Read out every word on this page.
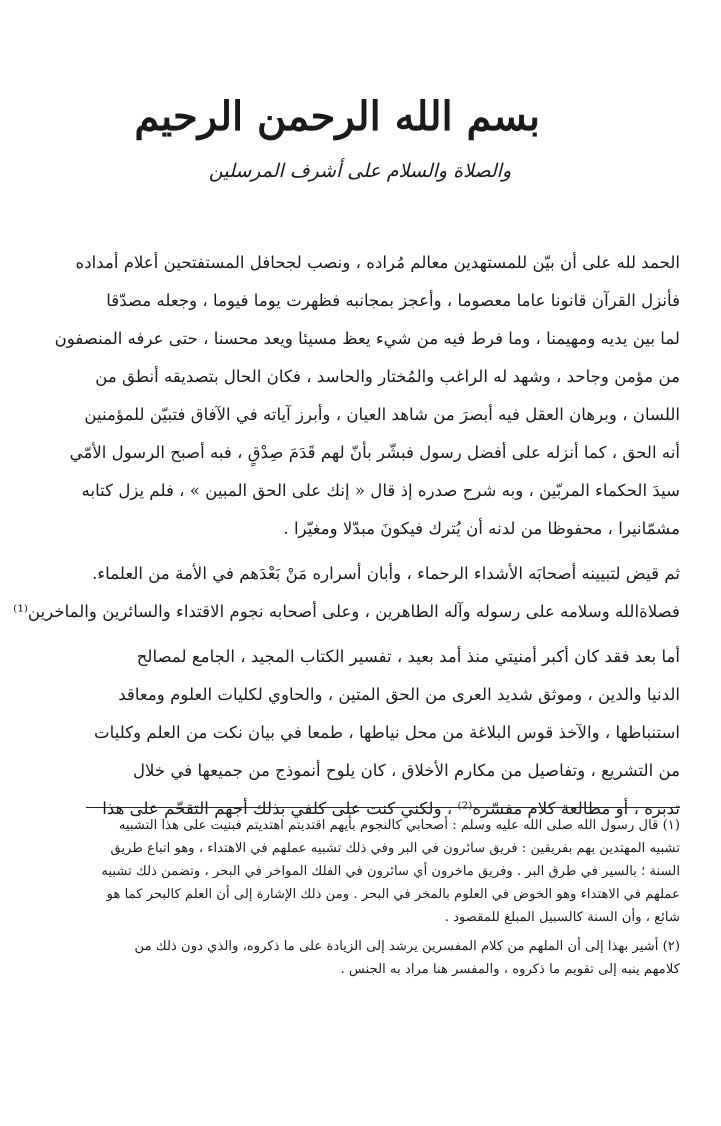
بسم الله الرحمن الرحيم
والصلاة والسلام على أشرف المرسلين
الحمد لله على أن بيّن للمستهدين معالم مُراده ، ونصب لجحافل المستفتحين أعلام أمداده
فأنزل القرآن قانونا عاما معصوما ، وأعجز بمجانبه فظهرت يوما فيوما ، وجعله مصدّقا
لما بين يديه ومهيمنا ، وما فرط فيه من شيء يعظ مسيئا ويعد محسنا ، حتى عرفه المنصفون
من مؤمن وجاحد ، وشهد له الراغب والمُختار والحاسد ، فكان الحال بتصديقه أنطق من
اللسان ، وبرهان العقل فيه أبصرَ من شاهد العيان ، وأبرز آياته في الآفاق فتبيّن للمؤمنين
أنه الحق ، كما أنزله على أفضل رسول فبشّر بأنّ لهم قَدَمَ صِدْقٍ ، فبه أصبح الرسول الأمّي
سيدَ الحكماء المربّين ، وبه شرح صدره إذ قال « إنك على الحق المبين » ، فلم يزل كتابه
مشمّانيرا ، محفوظا من لدنه أن يُترك فيكونَ مبدّلا ومغيّرا .
ثم قيض لتبيينه أصحابَه الأشداء الرحماء ، وأبان أسراره مَنْ بَعْدَهم في الأمة من العلماء.
فصلاةالله وسلامه على رسوله وآله الطاهرين ، وعلى أصحابه نجوم الاقتداء والسائرين والماخرين⁽¹⁾
أما بعد فقد كان أكبر أمنيتي منذ أمد بعيد ، تفسير الكتاب المجيد ، الجامع لمصالح
الدنيا والدين ، وموثق شديد العرى من الحق المتين ، والحاوي لكليات العلوم ومعاقد
استنباطها ، والآخذ قوس البلاغة من محل نياطها ، طمعا في بيان نكت من العلم وكليات
من التشريع ، وتفاصيل من مكارم الأخلاق ، كان يلوح أنموذج من جميعها في خلال
تدبره ، أو مطالعة كلام مفسّره⁽²⁾ ، ولكني كنت على كلفي بذلك أجهم التقحّم على هذا
(١) قال رسول الله صلى الله عليه وسلم : أصحابي كالنجوم بأيهم اقتديتم اهتديتم فبنيت على هذا التشبيه
تشبيه المهتدين بهم بفريقين : فريق سائرون في البر وفي ذلك تشبيه عملهم في الاهتداء ، وهو اتباع طريق
السنة ؛ بالسير في طرق البر . وفريق ماخرون أي سائرون في الفلك المواخر في البحر ، وتضمن ذلك تشبيه
عملهم في الاهتداء وهو الخوض في العلوم بالمخر في البحر . ومن ذلك الإشارة إلى أن العلم كالبحر كما هو
شائع ، وأن السنة كالسبيل المبلغ للمقصود .
(٢) أشير بهذا إلى أن الملهم من كلام المفسرين يرشد إلى الزيادة على ما ذكروه، والذي دون ذلك من
كلامهم ينبه إلى تقويم ما ذكروه ، والمفسر هنا مراد به الجنس .
